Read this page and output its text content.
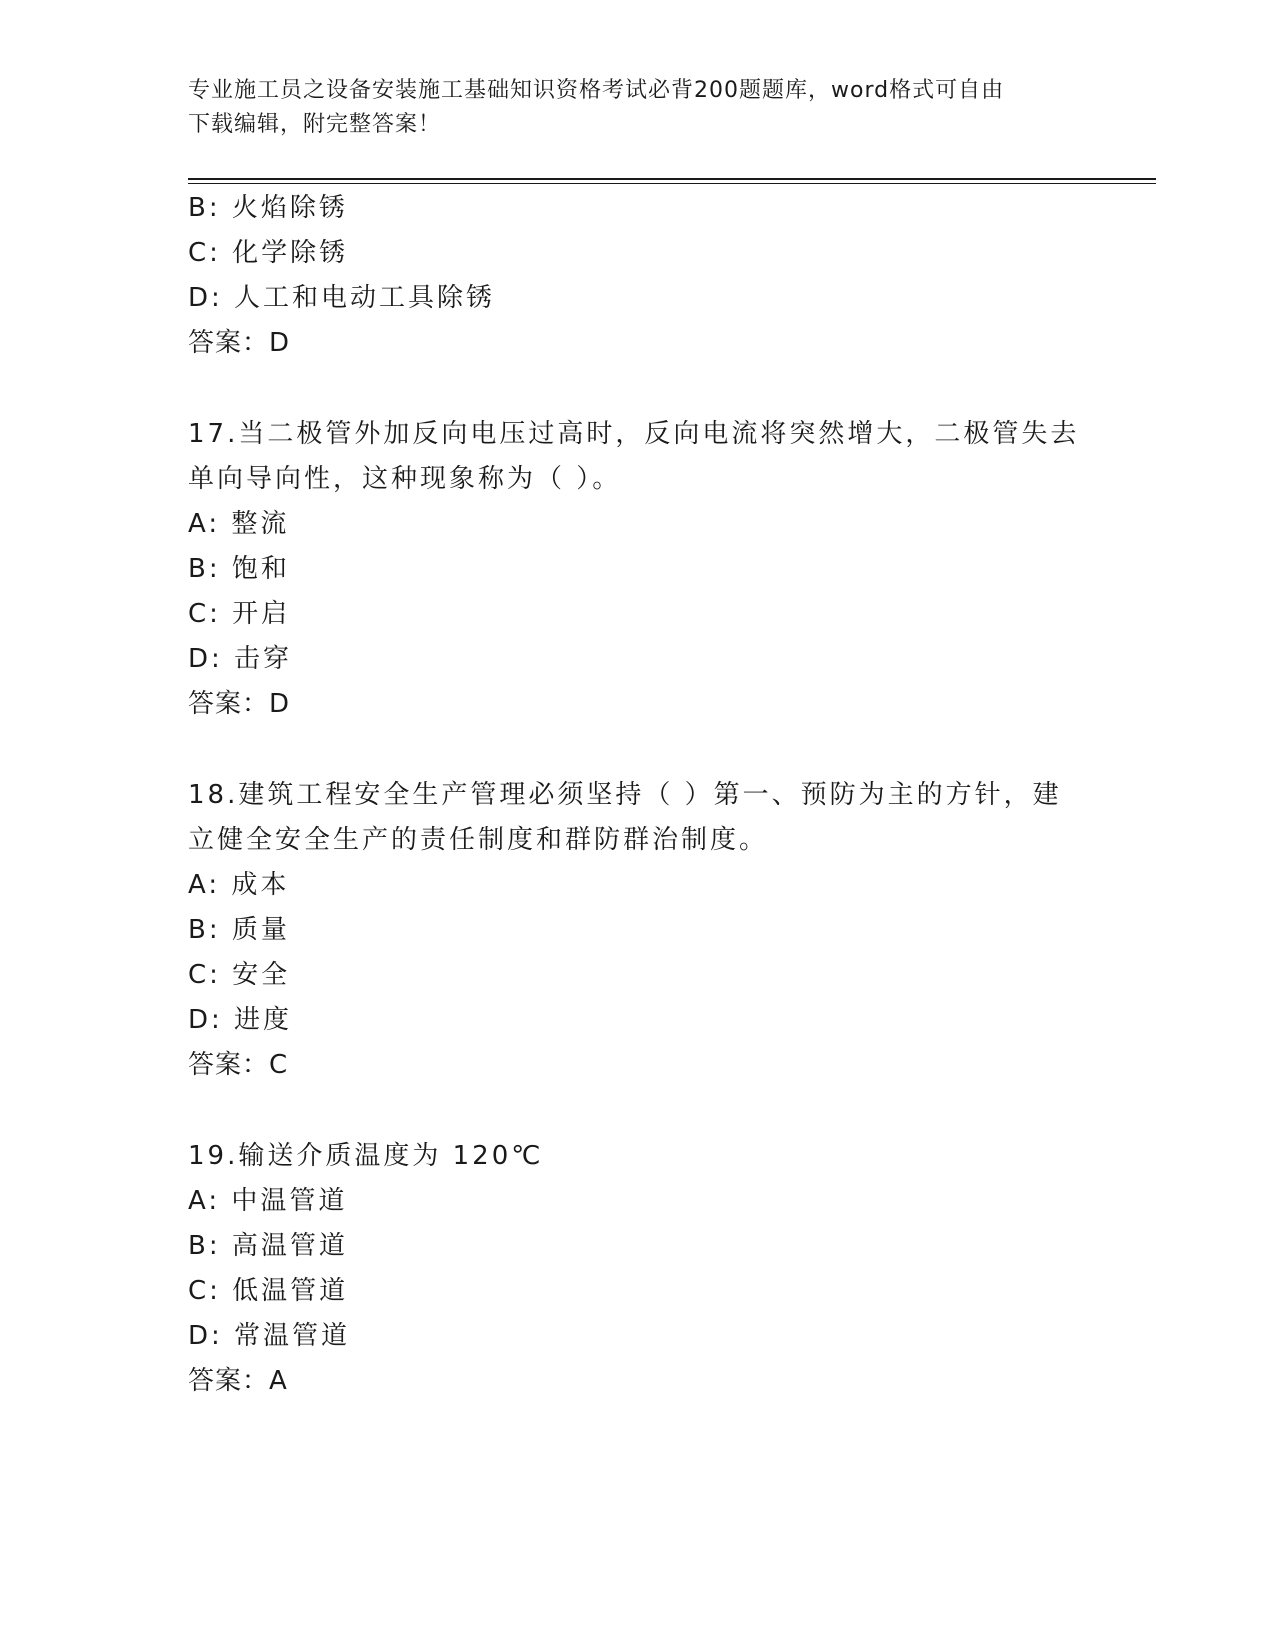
专业施工员之设备安装施工基础知识资格考试必背200题题库，word格式可自由
下载编辑，附完整答案！
B: 火焰除锈
C: 化学除锈
D: 人工和电动工具除锈
答案：D
17.当二极管外加反向电压过高时，反向电流将突然增大，二极管失去
单向导向性，这种现象称为（ ）。
A: 整流
B: 饱和
C: 开启
D: 击穿
答案：D
18.建筑工程安全生产管理必须坚持（ ）第一、预防为主的方针，建
立健全安全生产的责任制度和群防群治制度。
A: 成本
B: 质量
C: 安全
D: 进度
答案：C
19.输送介质温度为 120℃
A: 中温管道
B: 高温管道
C: 低温管道
D: 常温管道
答案：A
